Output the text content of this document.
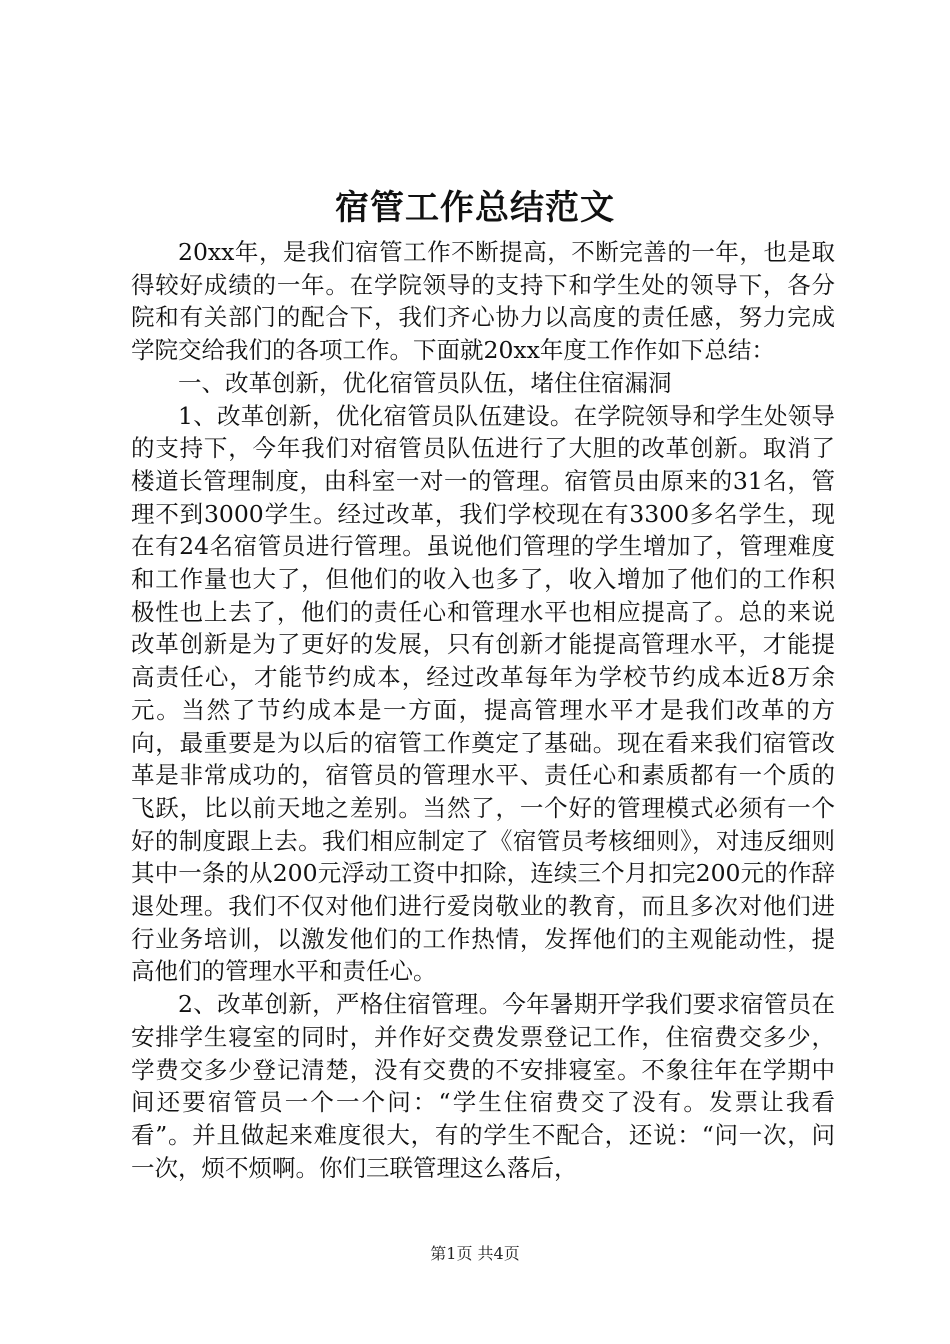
宿管工作总结范文

20xx年，是我们宿管工作不断提高，不断完善的一年，也是取得较好成绩的一年。在学院领导的支持下和学生处的领导下，各分院和有关部门的配合下，我们齐心协力以高度的责任感，努力完成学院交给我们的各项工作。下面就20xx年度工作作如下总结：

一、改革创新，优化宿管员队伍，堵住住宿漏洞

1、改革创新，优化宿管员队伍建设。在学院领导和学生处领导的支持下，今年我们对宿管员队伍进行了大胆的改革创新。取消了楼道长管理制度，由科室一对一的管理。宿管员由原来的31名，管理不到3000学生。经过改革，我们学校现在有3300多名学生，现在有24名宿管员进行管理。虽说他们管理的学生增加了，管理难度和工作量也大了，但他们的收入也多了，收入增加了他们的工作积极性也上去了，他们的责任心和管理水平也相应提高了。总的来说改革创新是为了更好的发展，只有创新才能提高管理水平，才能提高责任心，才能节约成本，经过改革每年为学校节约成本近8万余元。当然了节约成本是一方面，提高管理水平才是我们改革的方向，最重要是为以后的宿管工作奠定了基础。现在看来我们宿管改革是非常成功的，宿管员的管理水平、责任心和素质都有一个质的飞跃，比以前天地之差别。当然了，一个好的管理模式必须有一个好的制度跟上去。我们相应制定了《宿管员考核细则》，对违反细则其中一条的从200元浮动工资中扣除，连续三个月扣完200元的作辞退处理。我们不仅对他们进行爱岗敬业的教育，而且多次对他们进行业务培训，以激发他们的工作热情，发挥他们的主观能动性，提高他们的管理水平和责任心。

2、改革创新，严格住宿管理。今年暑期开学我们要求宿管员在安排学生寝室的同时，并作好交费发票登记工作，住宿费交多少，学费交多少登记清楚，没有交费的不安排寝室。不象往年在学期中间还要宿管员一个一个问：“学生住宿费交了没有。发票让我看看”。并且做起来难度很大，有的学生不配合，还说：“问一次，问一次，烦不烦啊。你们三联管理这么落后，

第1页 共4页
